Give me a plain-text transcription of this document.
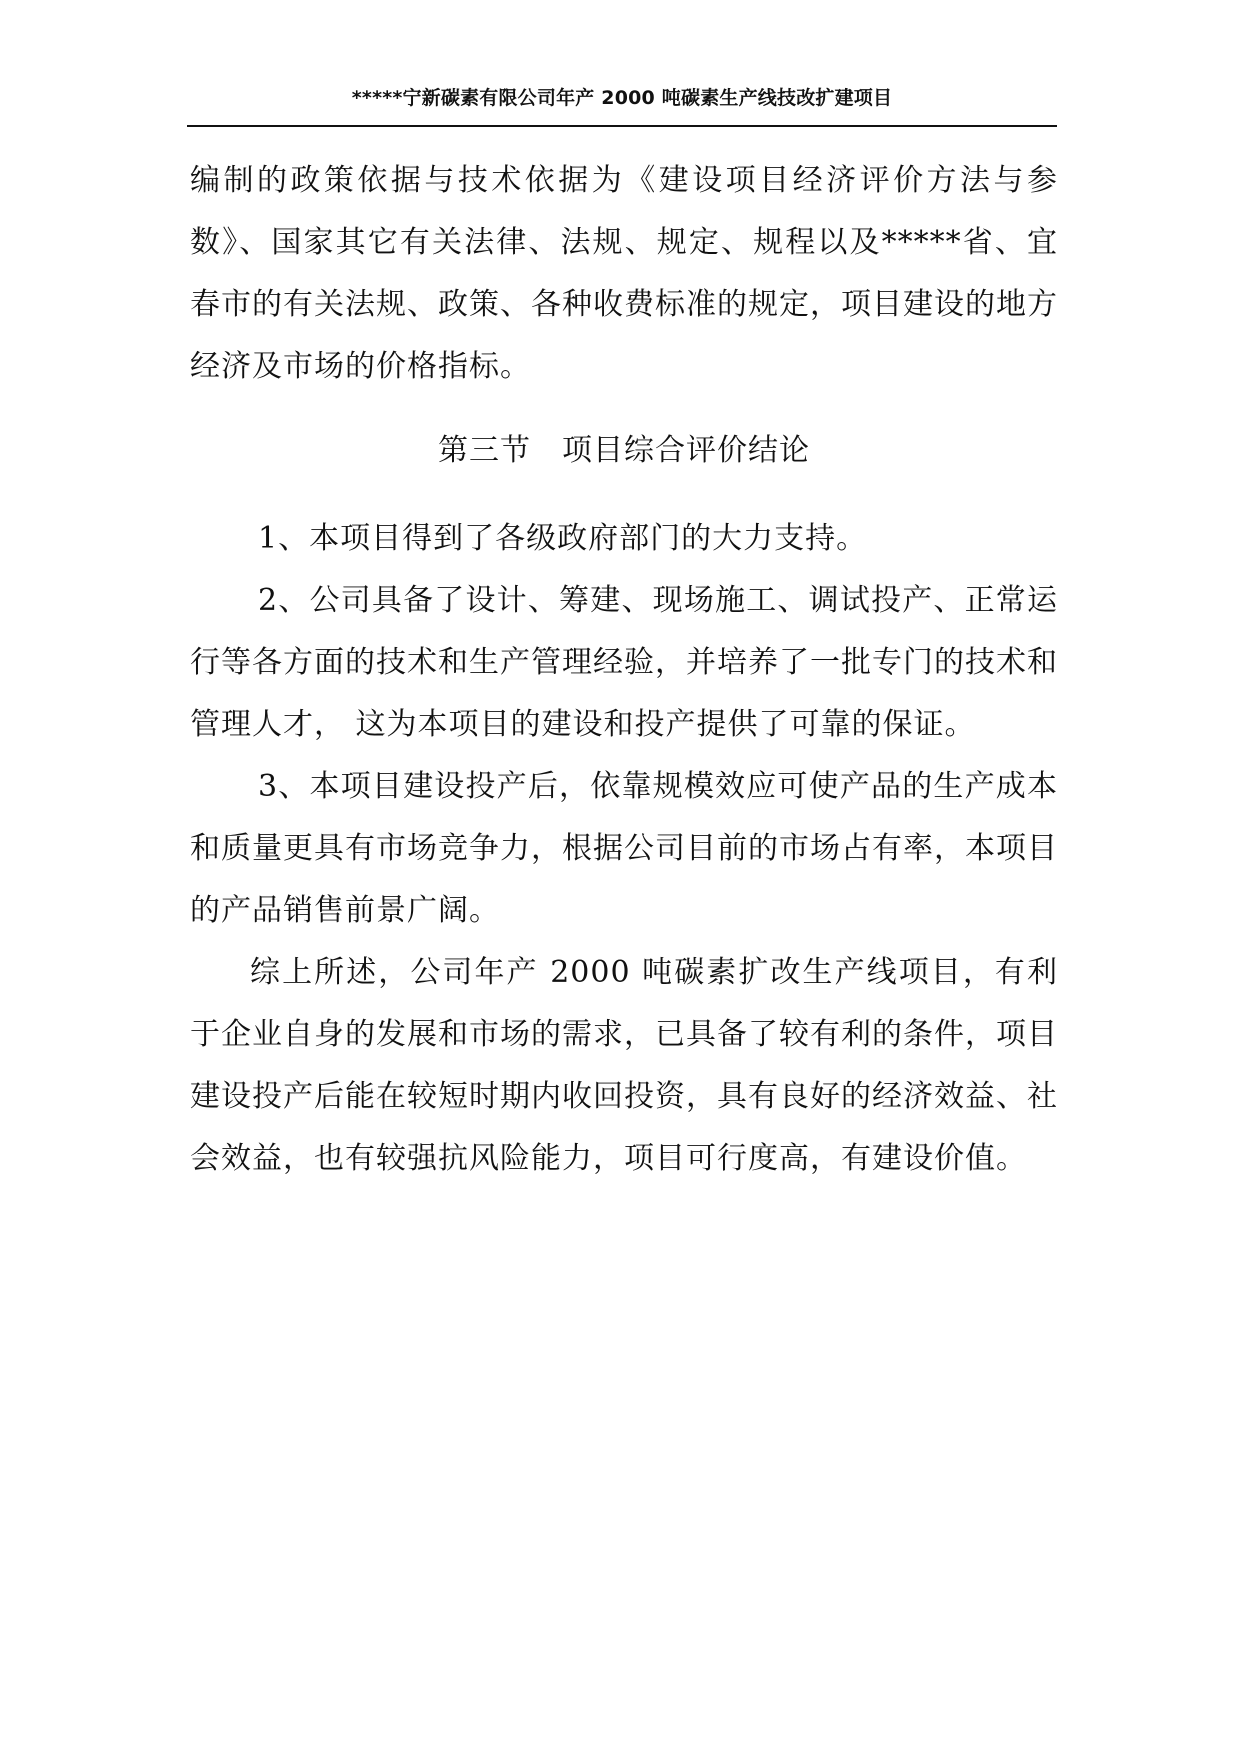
*****宁新碳素有限公司年产 2000 吨碳素生产线技改扩建项目

编制的政策依据与技术依据为《建设项目经济评价方法与参数》、国家其它有关法律、法规、规定、规程以及*****省、宜春市的有关法规、政策、各种收费标准的规定，项目建设的地方经济及市场的价格指标。

第三节　项目综合评价结论

1、本项目得到了各级政府部门的大力支持。

2、公司具备了设计、筹建、现场施工、调试投产、正常运行等各方面的技术和生产管理经验，并培养了一批专门的技术和管理人才， 这为本项目的建设和投产提供了可靠的保证。

3、本项目建设投产后，依靠规模效应可使产品的生产成本和质量更具有市场竞争力，根据公司目前的市场占有率，本项目的产品销售前景广阔。

综上所述，公司年产 2000 吨碳素扩改生产线项目，有利于企业自身的发展和市场的需求，已具备了较有利的条件，项目建设投产后能在较短时期内收回投资，具有良好的经济效益、社会效益，也有较强抗风险能力，项目可行度高，有建设价值。
